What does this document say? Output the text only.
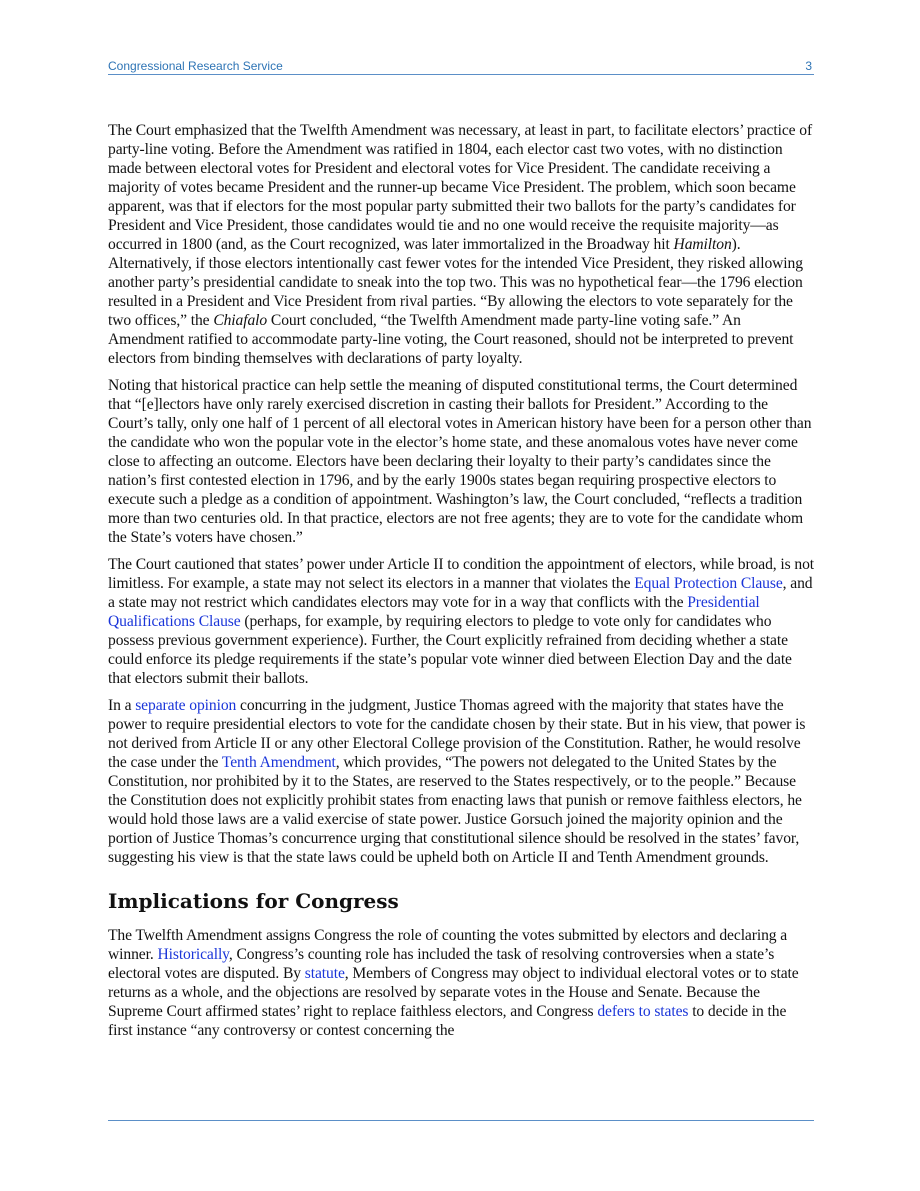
Congressional Research Service	3

The Court emphasized that the Twelfth Amendment was necessary, at least in part, to facilitate electors’ practice of party-line voting. Before the Amendment was ratified in 1804, each elector cast two votes, with no distinction made between electoral votes for President and electoral votes for Vice President. The candidate receiving a majority of votes became President and the runner-up became Vice President. The problem, which soon became apparent, was that if electors for the most popular party submitted their two ballots for the party’s candidates for President and Vice President, those candidates would tie and no one would receive the requisite majority—as occurred in 1800 (and, as the Court recognized, was later immortalized in the Broadway hit Hamilton). Alternatively, if those electors intentionally cast fewer votes for the intended Vice President, they risked allowing another party’s presidential candidate to sneak into the top two. This was no hypothetical fear—the 1796 election resulted in a President and Vice President from rival parties. “By allowing the electors to vote separately for the two offices,” the Chiafalo Court concluded, “the Twelfth Amendment made party-line voting safe.” An Amendment ratified to accommodate party-line voting, the Court reasoned, should not be interpreted to prevent electors from binding themselves with declarations of party loyalty.

Noting that historical practice can help settle the meaning of disputed constitutional terms, the Court determined that “[e]lectors have only rarely exercised discretion in casting their ballots for President.” According to the Court’s tally, only one half of 1 percent of all electoral votes in American history have been for a person other than the candidate who won the popular vote in the elector’s home state, and these anomalous votes have never come close to affecting an outcome. Electors have been declaring their loyalty to their party’s candidates since the nation’s first contested election in 1796, and by the early 1900s states began requiring prospective electors to execute such a pledge as a condition of appointment. Washington’s law, the Court concluded, “reflects a tradition more than two centuries old. In that practice, electors are not free agents; they are to vote for the candidate whom the State’s voters have chosen.”

The Court cautioned that states’ power under Article II to condition the appointment of electors, while broad, is not limitless. For example, a state may not select its electors in a manner that violates the Equal Protection Clause, and a state may not restrict which candidates electors may vote for in a way that conflicts with the Presidential Qualifications Clause (perhaps, for example, by requiring electors to pledge to vote only for candidates who possess previous government experience). Further, the Court explicitly refrained from deciding whether a state could enforce its pledge requirements if the state’s popular vote winner died between Election Day and the date that electors submit their ballots.

In a separate opinion concurring in the judgment, Justice Thomas agreed with the majority that states have the power to require presidential electors to vote for the candidate chosen by their state. But in his view, that power is not derived from Article II or any other Electoral College provision of the Constitution. Rather, he would resolve the case under the Tenth Amendment, which provides, “The powers not delegated to the United States by the Constitution, nor prohibited by it to the States, are reserved to the States respectively, or to the people.” Because the Constitution does not explicitly prohibit states from enacting laws that punish or remove faithless electors, he would hold those laws are a valid exercise of state power. Justice Gorsuch joined the majority opinion and the portion of Justice Thomas’s concurrence urging that constitutional silence should be resolved in the states’ favor, suggesting his view is that the state laws could be upheld both on Article II and Tenth Amendment grounds.

Implications for Congress

The Twelfth Amendment assigns Congress the role of counting the votes submitted by electors and declaring a winner. Historically, Congress’s counting role has included the task of resolving controversies when a state’s electoral votes are disputed. By statute, Members of Congress may object to individual electoral votes or to state returns as a whole, and the objections are resolved by separate votes in the House and Senate. Because the Supreme Court affirmed states’ right to replace faithless electors, and Congress defers to states to decide in the first instance “any controversy or contest concerning the
